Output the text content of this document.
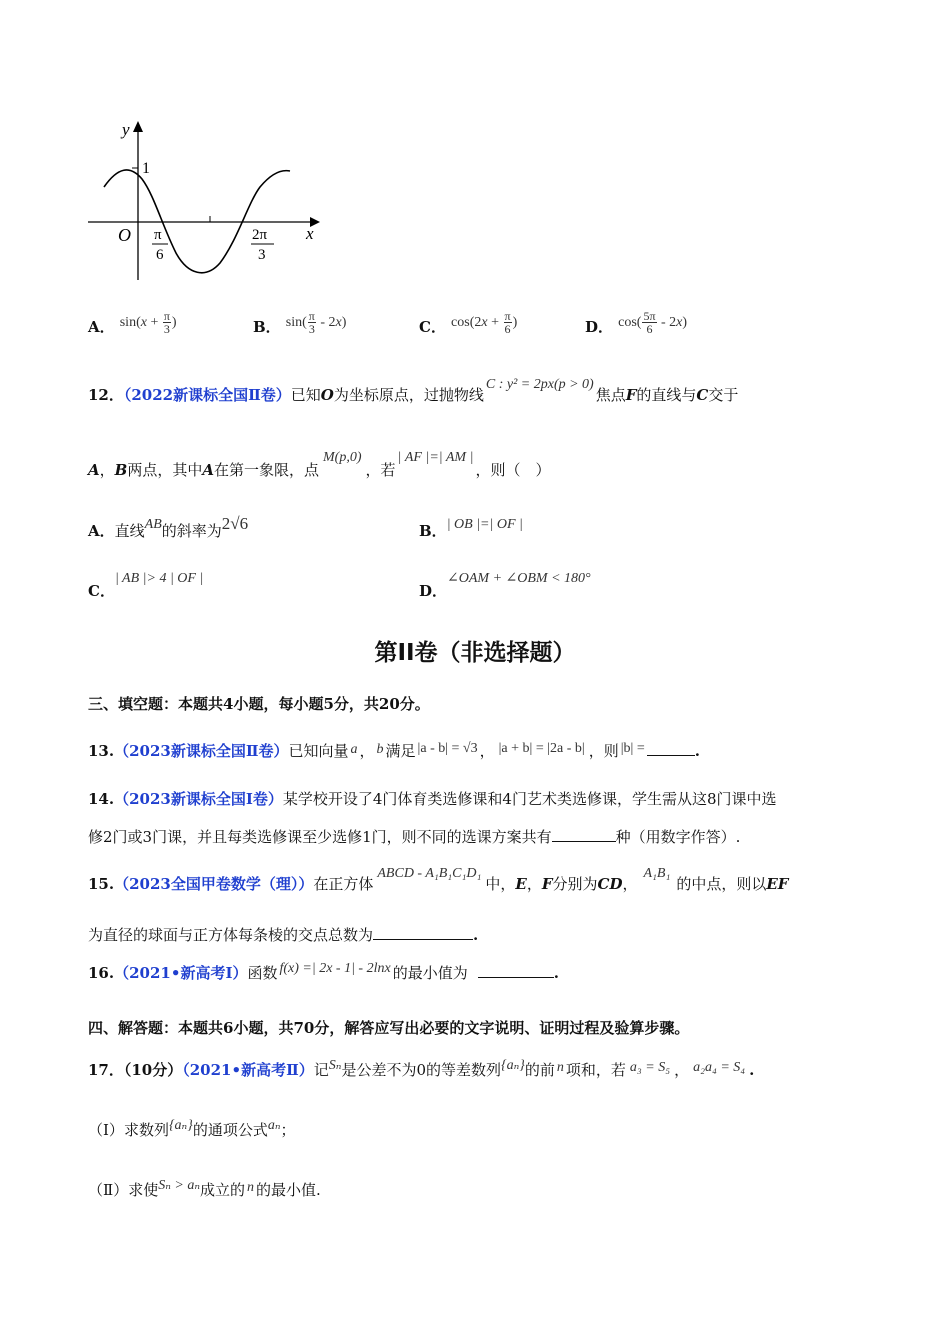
y
1
O	x
π
6
2π
3
A． $\sin(x + \frac{\pi}{3}$ )	B． $\sin( \frac{\pi}{3} - 2x)$	C． $\cos(2x + \frac{\pi}{6}$ )	D． $\cos( \frac{5\pi}{6} - 2x)$
12．（2022新课标全国Ⅱ卷）已知O为坐标原点，过抛物线C : y² = 2px(p > 0)焦点F的直线与C交于
A，B两点，其中A在第一象限，点M(p,0)，若| AF |=| AM |，则（　）
A．直线AB的斜率为2√6	B．| OB |=| OF |
C．| AB |> 4 | OF |
D．∠OAM + ∠OBM < 180°
第II卷（非选择题）
三、填空题：本题共4小题，每小题5分，共20分。
13.（2023新课标全国Ⅱ卷）已知向量 a ， b 满足 |a - b| = √3 ， |a + b| = |2a - b| ，则 |b| =	.
14.（2023新课标全国Ⅰ卷）某学校开设了4门体育类选修课和4门艺术类选修课，学生需从这8门课中选
修2门或3门课，并且每类选修课至少选修1门，则不同的选课方案共有	种（用数字作答）.
15.（2023全国甲卷数学（理））在正方体ABCD - A₁B₁C₁D₁中，E，F分别为CD，A₁B₁的中点，则以EF
为直径的球面与正方体每条棱的交点总数为	.
16.（2021•新高考Ⅰ）函数 f(x) =| 2x - 1| - 2lnx 的最小值为	.
四、解答题：本题共6小题，共70分，解答应写出必要的文字说明、证明过程及验算步骤。
17．（10分）（2021•新高考Ⅱ）记Sₙ是公差不为0的等差数列{aₙ}的前 n 项和，若 a₃ = S₅ ， a₂a₄ = S₄ .
（Ⅰ）求数列{aₙ}的通项公式aₙ；
（Ⅱ）求使Sₙ > aₙ成立的 n 的最小值.
